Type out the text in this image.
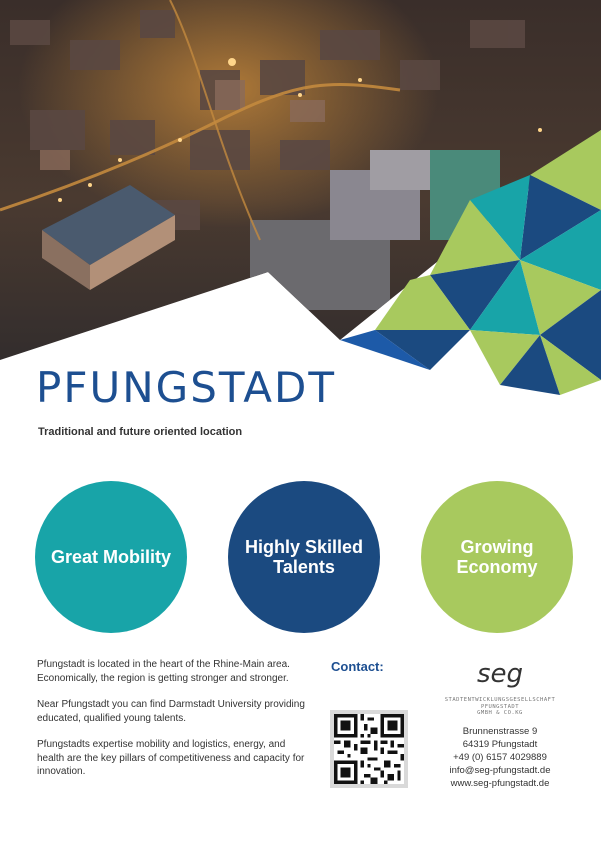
PFUNGSTADT

Traditional and future oriented location

Great Mobility	Highly Skilled Talents
Growing Economy

Pfungstadt is located in the heart of the Rhine-Main area. Economically, the region is getting stronger and stronger.

Near Pfungstadt you can find Darmstadt University providing educated, qualified young talents.

Pfungstadts expertise mobility and logistics, energy, and health are the key pillars of competitiveness and capacity for innovation.

Contact:	seg
STADTENTWICKLUNGSGESELLSCHAFT
PFUNGSTADT
GMBH & CO.KG
Brunnenstrasse 9
64319 Pfungstadt
+49 (0) 6157 4029889
info@seg-pfungstadt.de
www.seg-pfungstadt.de
